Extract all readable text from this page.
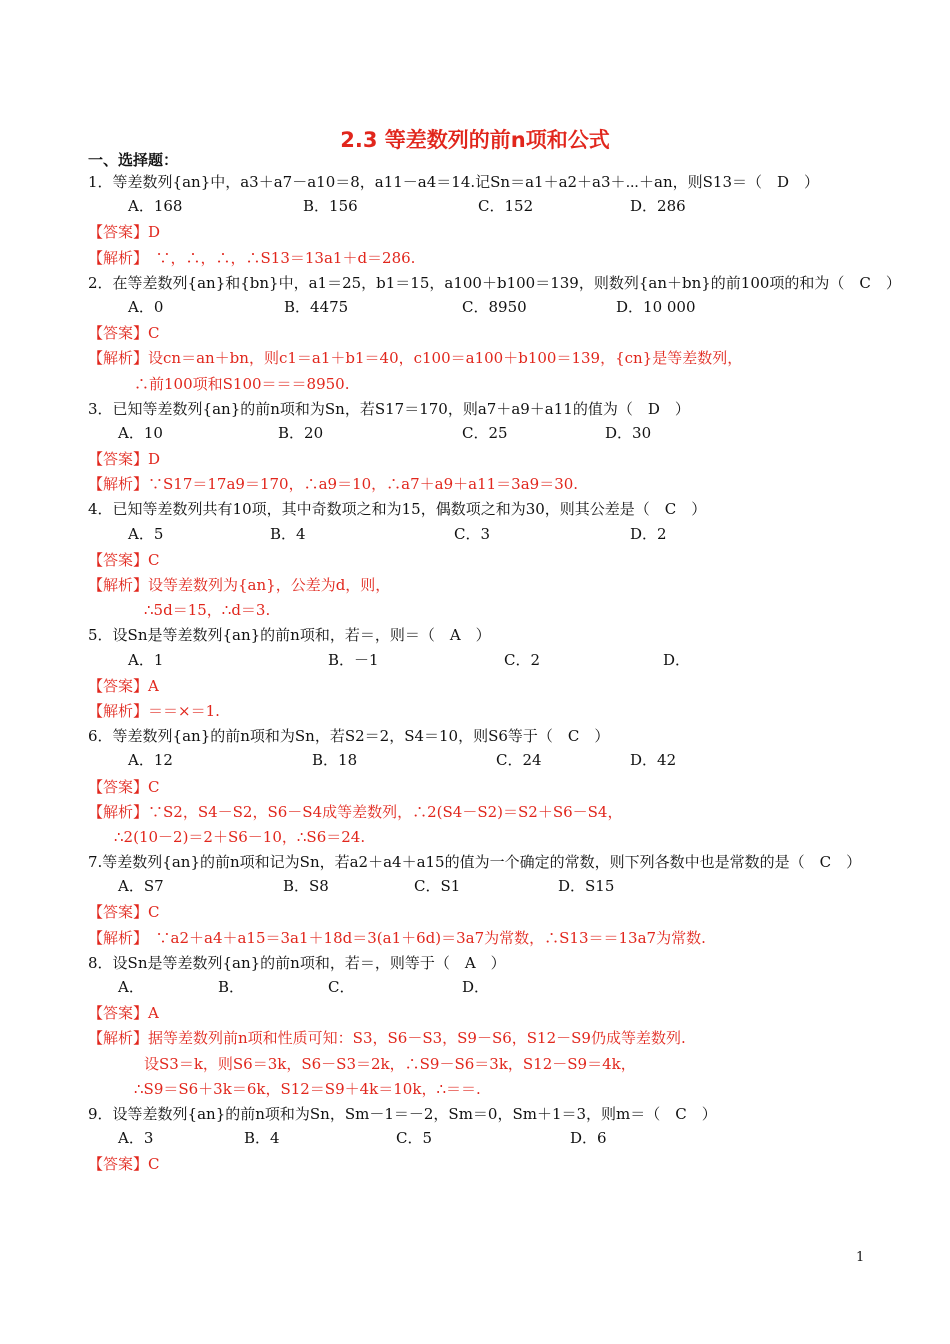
2.3 等差数列的前n项和公式
一、选择题：
1．等差数列{an}中，a3＋a7－a10＝8，a11－a4＝14.记Sn＝a1＋a2＋a3＋⋯＋an，则S13＝（　D　）
A．168	B．156	C．152	D．286
【答案】D
【解析】　∵，∴，∴，∴S13＝13a1＋d＝286.
2．在等差数列{an}和{bn}中，a1＝25，b1＝15，a100＋b100＝139，则数列{an＋bn}的前100项的和为（　C　）
A．0	B．4475	C．8950	D．10 000
【答案】C
【解析】设cn＝an＋bn，则c1＝a1＋b1＝40，c100＝a100＋b100＝139，{cn}是等差数列，
∴前100项和S100＝＝＝8950.
3．已知等差数列{an}的前n项和为Sn，若S17＝170，则a7＋a9＋a11的值为（　D　）
A．10	B．20	C．25	D．30
【答案】D
【解析】∵S17＝17a9＝170，∴a9＝10，∴a7＋a9＋a11＝3a9＝30.
4．已知等差数列共有10项，其中奇数项之和为15，偶数项之和为30，则其公差是（　C　）
A．5	B．4	C．3	D．2
【答案】C
【解析】设等差数列为{an}，公差为d，则，
∴5d＝15，∴d＝3.
5．设Sn是等差数列{an}的前n项和，若＝，则＝（　A　）
A．1	B．－1	C．2	D．
【答案】A
【解析】＝＝×＝1.
6．等差数列{an}的前n项和为Sn，若S2＝2，S4＝10，则S6等于（　C　）
A．12	B．18	C．24	D．42
【答案】C
【解析】∵S2，S4－S2，S6－S4成等差数列，∴2(S4－S2)＝S2＋S6－S4，
∴2(10－2)＝2＋S6－10，∴S6＝24.
7.等差数列{an}的前n项和记为Sn，若a2＋a4＋a15的值为一个确定的常数，则下列各数中也是常数的是（　C　）
A．S7	B．S8	C．S1	D．S15
【答案】C
【解析】　∵a2＋a4＋a15＝3a1＋18d＝3(a1＋6d)＝3a7为常数，∴S13＝＝13a7为常数.
8．设Sn是等差数列{an}的前n项和，若＝，则等于（　A　）
A．	B．	C．	D．
【答案】A
【解析】据等差数列前n项和性质可知：S3，S6－S3，S9－S6，S12－S9仍成等差数列.
设S3＝k，则S6＝3k，S6－S3＝2k，∴S9－S6＝3k，S12－S9＝4k，
∴S9＝S6＋3k＝6k，S12＝S9＋4k＝10k，∴＝＝.
9．设等差数列{an}的前n项和为Sn，Sm－1＝－2，Sm＝0，Sm＋1＝3，则m＝（　C　）
A．3	B．4	C．5	D．6
【答案】C
1
